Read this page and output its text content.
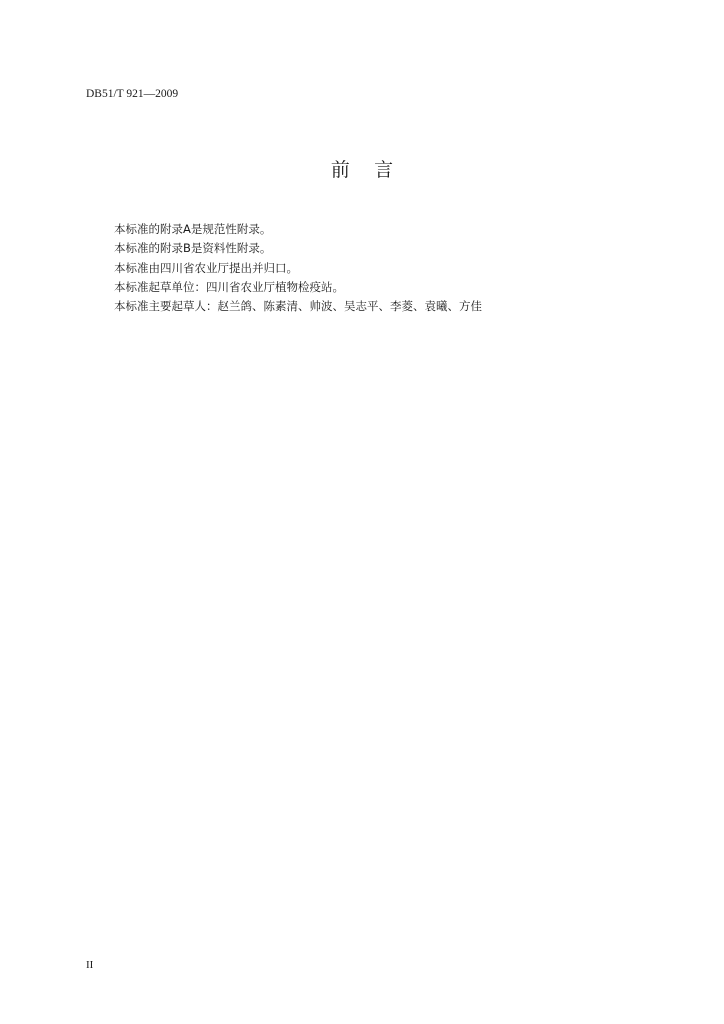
DB51/T 921—2009
前    言
本标准的附录A是规范性附录。
本标准的附录B是资料性附录。
本标准由四川省农业厅提出并归口。
本标准起草单位：四川省农业厅植物检疫站。
本标准主要起草人：赵兰鸽、陈素清、帅波、吴志平、李菱、袁曦、方佳
II
